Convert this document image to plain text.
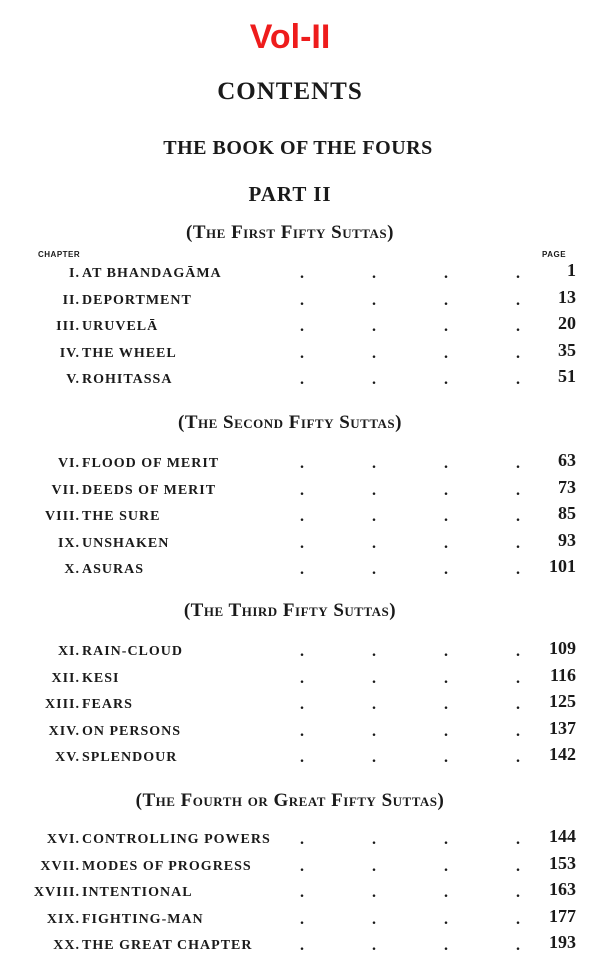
Vol-II
CONTENTS
THE BOOK OF THE FOURS
PART II
CHAPTER	PAGE
(The First Fifty Suttas)
I. AT BHANDAGĀMA	.	.	.	.	1
II. DEPORTMENT	.	.	.	. 13
III. URUVELĀ	.	.	.	. 20
IV. THE WHEEL	.	.	.	. 35
V. ROHITASSA	.	.	.	. 51
(The Second Fifty Suttas)
VI. FLOOD OF MERIT	.	.	.	. 63
VII. DEEDS OF MERIT	.	.	.	. 73
VIII. THE SURE	.	.	.	. 85
IX. UNSHAKEN	.	.	.	. 93
X. ASURAS	.	.	.	. 101
(The Third Fifty Suttas)
XI. RAIN-CLOUD	.	.	.	. 109
XII. KESI	.	.	.	. 116
XIII. FEARS	.	.	.	. 125
XIV. ON PERSONS	.	.	.	. 137
XV. SPLENDOUR	.	.	.	. 142
(The Fourth or Great Fifty Suttas)
XVI. CONTROLLING POWERS .	.	.	. 144
XVII. MODES OF PROGRESS	.	.	.	. 153
XVIII. INTENTIONAL	.	.	.	. 163
XIX. FIGHTING-MAN	.	.	.	. 177
XX. THE GREAT CHAPTER	.	.	.	. 193
